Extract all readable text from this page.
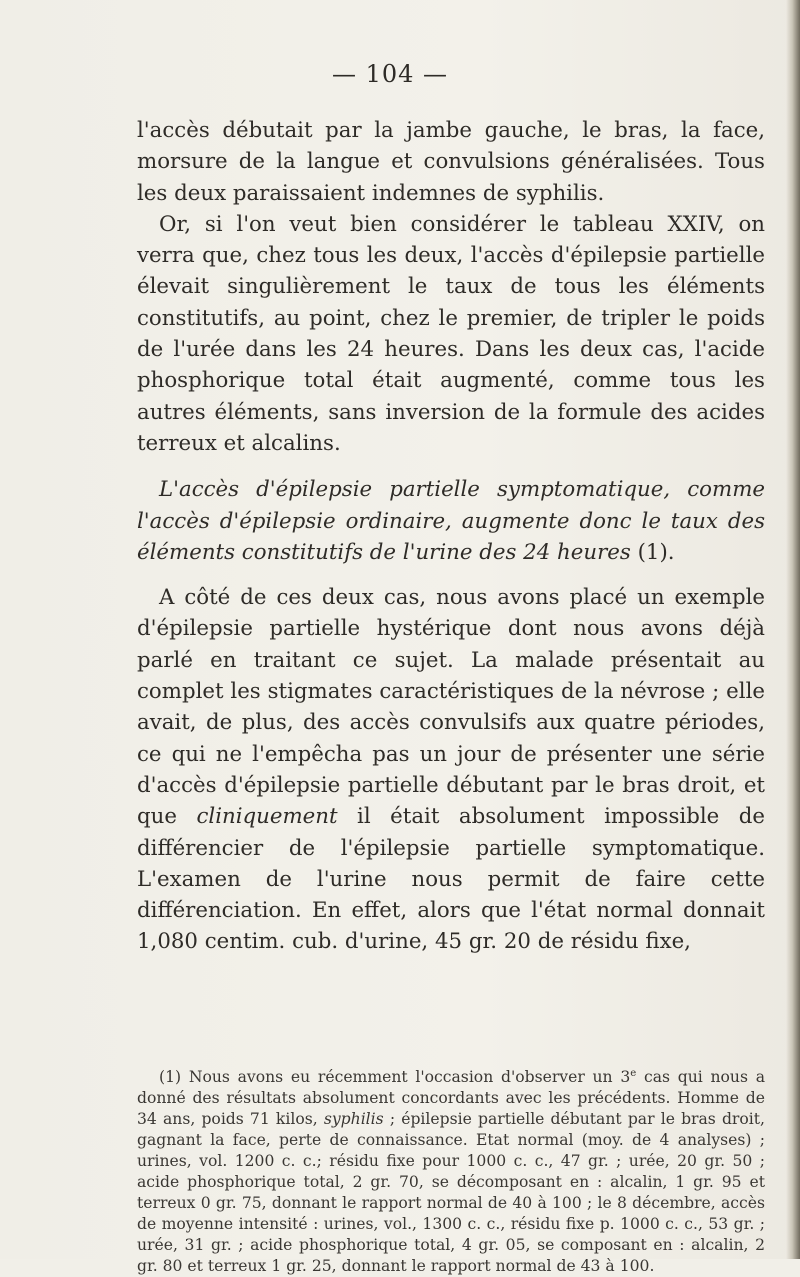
— 104 —

l'accès débutait par la jambe gauche, le bras, la face, morsure de la langue et convulsions généralisées. Tous les deux paraissaient indemnes de syphilis.

Or, si l'on veut bien considérer le tableau XXIV, on verra que, chez tous les deux, l'accès d'épilepsie partielle élevait singulièrement le taux de tous les éléments constitutifs, au point, chez le premier, de tripler le poids de l'urée dans les 24 heures. Dans les deux cas, l'acide phosphorique total était augmenté, comme tous les autres éléments, sans inversion de la formule des acides terreux et alcalins.

L'accès d'épilepsie partielle symptomatique, comme l'accès d'épilepsie ordinaire, augmente donc le taux des éléments constitutifs de l'urine des 24 heures (1).

A côté de ces deux cas, nous avons placé un exemple d'épilepsie partielle hystérique dont nous avons déjà parlé en traitant ce sujet. La malade présentait au complet les stigmates caractéristiques de la névrose ; elle avait, de plus, des accès convulsifs aux quatre périodes, ce qui ne l'empêcha pas un jour de présenter une série d'accès d'épilepsie partielle débutant par le bras droit, et que cliniquement il était absolument impossible de différencier de l'épilepsie partielle symptomatique. L'examen de l'urine nous permit de faire cette différenciation. En effet, alors que l'état normal donnait 1,080 centim. cub. d'urine, 45 gr. 20 de résidu fixe,

(1) Nous avons eu récemment l'occasion d'observer un 3e cas qui nous a donné des résultats absolument concordants avec les précédents. Homme de 34 ans, poids 71 kilos, syphilis ; épilepsie partielle débutant par le bras droit, gagnant la face, perte de connaissance. Etat normal (moy. de 4 analyses) ; urines, vol. 1200 c. c.; résidu fixe pour 1000 c. c., 47 gr. ; urée, 20 gr. 50 ; acide phosphorique total, 2 gr. 70, se décomposant en : alcalin, 1 gr. 95 et terreux 0 gr. 75, donnant le rapport normal de 40 à 100 ; le 8 décembre, accès de moyenne intensité : urines, vol., 1300 c. c., résidu fixe p. 1000 c. c., 53 gr. ; urée, 31 gr. ; acide phosphorique total, 4 gr. 05, se composant en : alcalin, 2 gr. 80 et terreux 1 gr. 25, donnant le rapport normal de 43 à 100.
